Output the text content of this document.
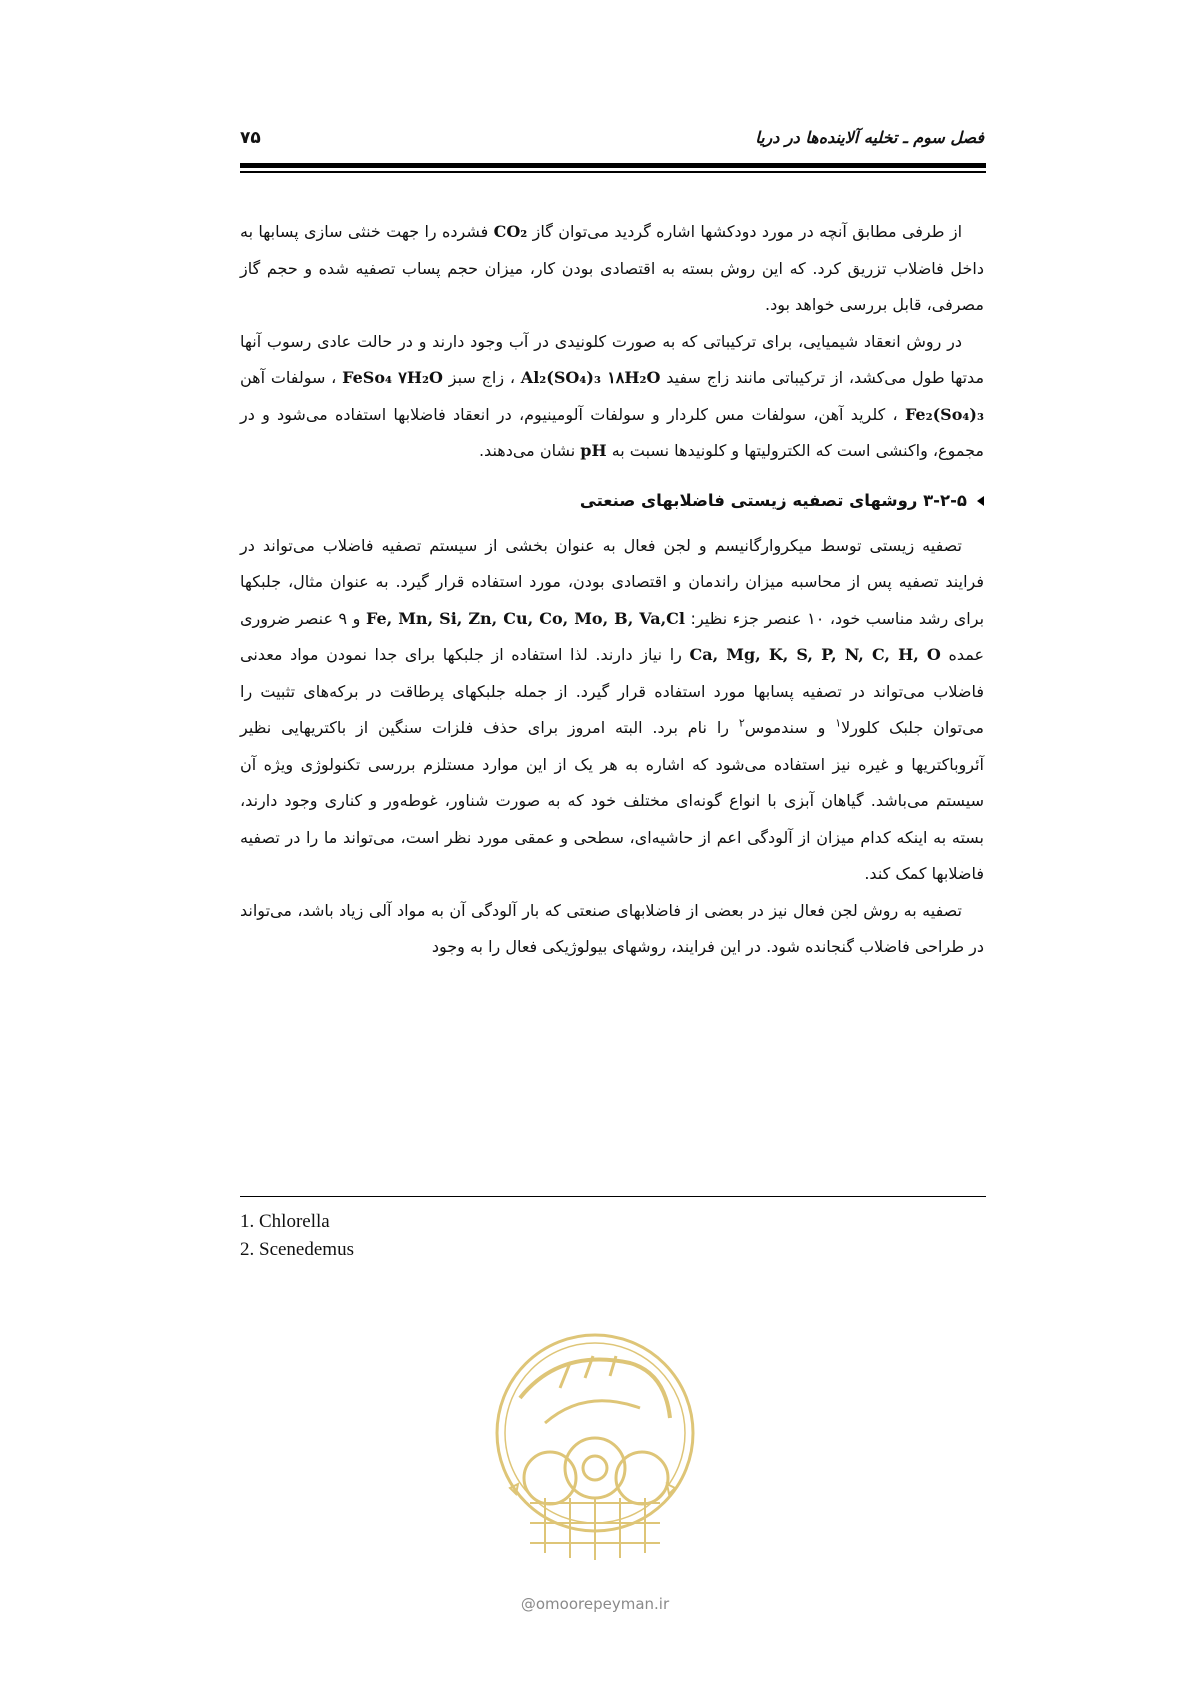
فصل سوم ـ تخلیه آلاینده‌ها در دریا
۷۵

از طرفی مطابق آنچه در مورد دودکشها اشاره گردید می‌توان گاز CO₂ فشرده را جهت خنثی سازی پسابها به داخل فاضلاب تزریق کرد. که این روش بسته به اقتصادی بودن کار، میزان حجم پساب تصفیه شده و حجم گاز مصرفی، قابل بررسی خواهد بود.

در روش انعقاد شیمیایی، برای ترکیباتی که به صورت کلونیدی در آب وجود دارند و در حالت عادی رسوب آنها مدتها طول می‌کشد، از ترکیباتی مانند زاج سفید Al₂(SO₄)₃ ۱۸H₂O ، زاج سبز FeSo₄ ۷H₂O ، سولفات آهن Fe₂(So₄)₃ ، کلرید آهن، سولفات مس کلردار و سولفات آلومینیوم، در انعقاد فاضلابها استفاده می‌شود و در مجموع، واکنشی است که الکترولیتها و کلونیدها نسبت به pH نشان می‌دهند.

۳-۲-۵ روشهای تصفیه زیستی فاضلابهای صنعتی

تصفیه زیستی توسط میکروارگانیسم و لجن فعال به عنوان بخشی از سیستم تصفیه فاضلاب می‌تواند در فرایند تصفیه پس از محاسبه میزان راندمان و اقتصادی بودن، مورد استفاده قرار گیرد. به عنوان مثال، جلبکها برای رشد مناسب خود، ۱۰ عنصر جزء نظیر: Fe, Mn, Si, Zn, Cu, Co, Mo, B, Va,Cl و ۹ عنصر ضروری عمده Ca, Mg, K, S, P, N, C, H, O را نیاز دارند. لذا استفاده از جلبکها برای جدا نمودن مواد معدنی فاضلاب می‌تواند در تصفیه پسابها مورد استفاده قرار گیرد. از جمله جلبکهای پرطاقت در برکه‌های تثبیت را می‌توان جلبک کلورلا$^۱$ و سندموس$^۲$ را نام برد. البته امروز برای حذف فلزات سنگین از باکتریهایی نظیر آئروباکتریها و غیره نیز استفاده می‌شود که اشاره به هر یک از این موارد مستلزم بررسی تکنولوژی ویژه آن سیستم می‌باشد. گیاهان آبزی با انواع گونه‌ای مختلف خود که به صورت شناور، غوطه‌ور و کناری وجود دارند، بسته به اینکه کدام میزان از آلودگی اعم از حاشیه‌ای، سطحی و عمقی مورد نظر است، می‌تواند ما را در تصفیه فاضلابها کمک کند.

تصفیه به روش لجن فعال نیز در بعضی از فاضلابهای صنعتی که بار آلودگی آن به مواد آلی زیاد باشد، می‌تواند در طراحی فاضلاب گنجانده شود. در این فرایند، روشهای بیولوژیکی فعال را به وجود

1. Chlorella
2. Scenedemus
@omoorepeyman.ir
